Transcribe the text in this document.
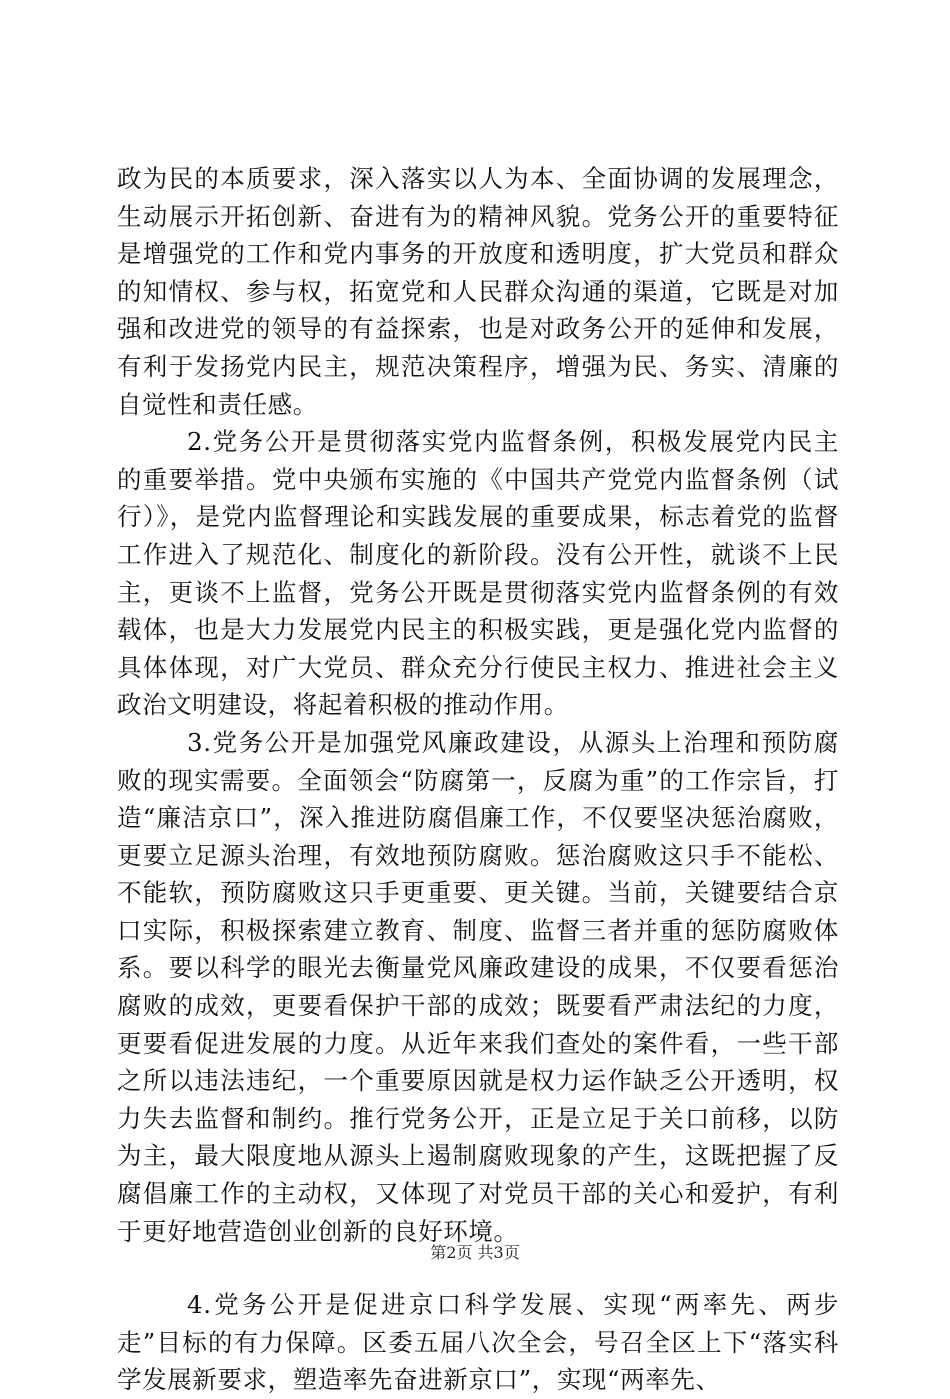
政为民的本质要求，深入落实以人为本、全面协调的发展理念，生动展示开拓创新、奋进有为的精神风貌。党务公开的重要特征是增强党的工作和党内事务的开放度和透明度，扩大党员和群众的知情权、参与权，拓宽党和人民群众沟通的渠道，它既是对加强和改进党的领导的有益探索，也是对政务公开的延伸和发展，有利于发扬党内民主，规范决策程序，增强为民、务实、清廉的自觉性和责任感。

2.党务公开是贯彻落实党内监督条例，积极发展党内民主的重要举措。党中央颁布实施的《中国共产党党内监督条例（试行）》，是党内监督理论和实践发展的重要成果，标志着党的监督工作进入了规范化、制度化的新阶段。没有公开性，就谈不上民主，更谈不上监督，党务公开既是贯彻落实党内监督条例的有效载体，也是大力发展党内民主的积极实践，更是强化党内监督的具体体现，对广大党员、群众充分行使民主权力、推进社会主义政治文明建设，将起着积极的推动作用。

3.党务公开是加强党风廉政建设，从源头上治理和预防腐败的现实需要。全面领会“防腐第一，反腐为重”的工作宗旨，打造“廉洁京口”，深入推进防腐倡廉工作，不仅要坚决惩治腐败，更要立足源头治理，有效地预防腐败。惩治腐败这只手不能松、不能软，预防腐败这只手更重要、更关键。当前，关键要结合京口实际，积极探索建立教育、制度、监督三者并重的惩防腐败体系。要以科学的眼光去衡量党风廉政建设的成果，不仅要看惩治腐败的成效，更要看保护干部的成效；既要看严肃法纪的力度，更要看促进发展的力度。从近年来我们查处的案件看，一些干部之所以违法违纪，一个重要原因就是权力运作缺乏公开透明，权力失去监督和制约。推行党务公开，正是立足于关口前移，以防为主，最大限度地从源头上遏制腐败现象的产生，这既把握了反腐倡廉工作的主动权，又体现了对党员干部的关心和爱护，有利于更好地营造创业创新的良好环境。

4.党务公开是促进京口科学发展、实现“两率先、两步走”目标的有力保障。区委五届八次全会，号召全区上下“落实科学发展新要求，塑造率先奋进新京口”，实现“两率先、

第2页 共3页
